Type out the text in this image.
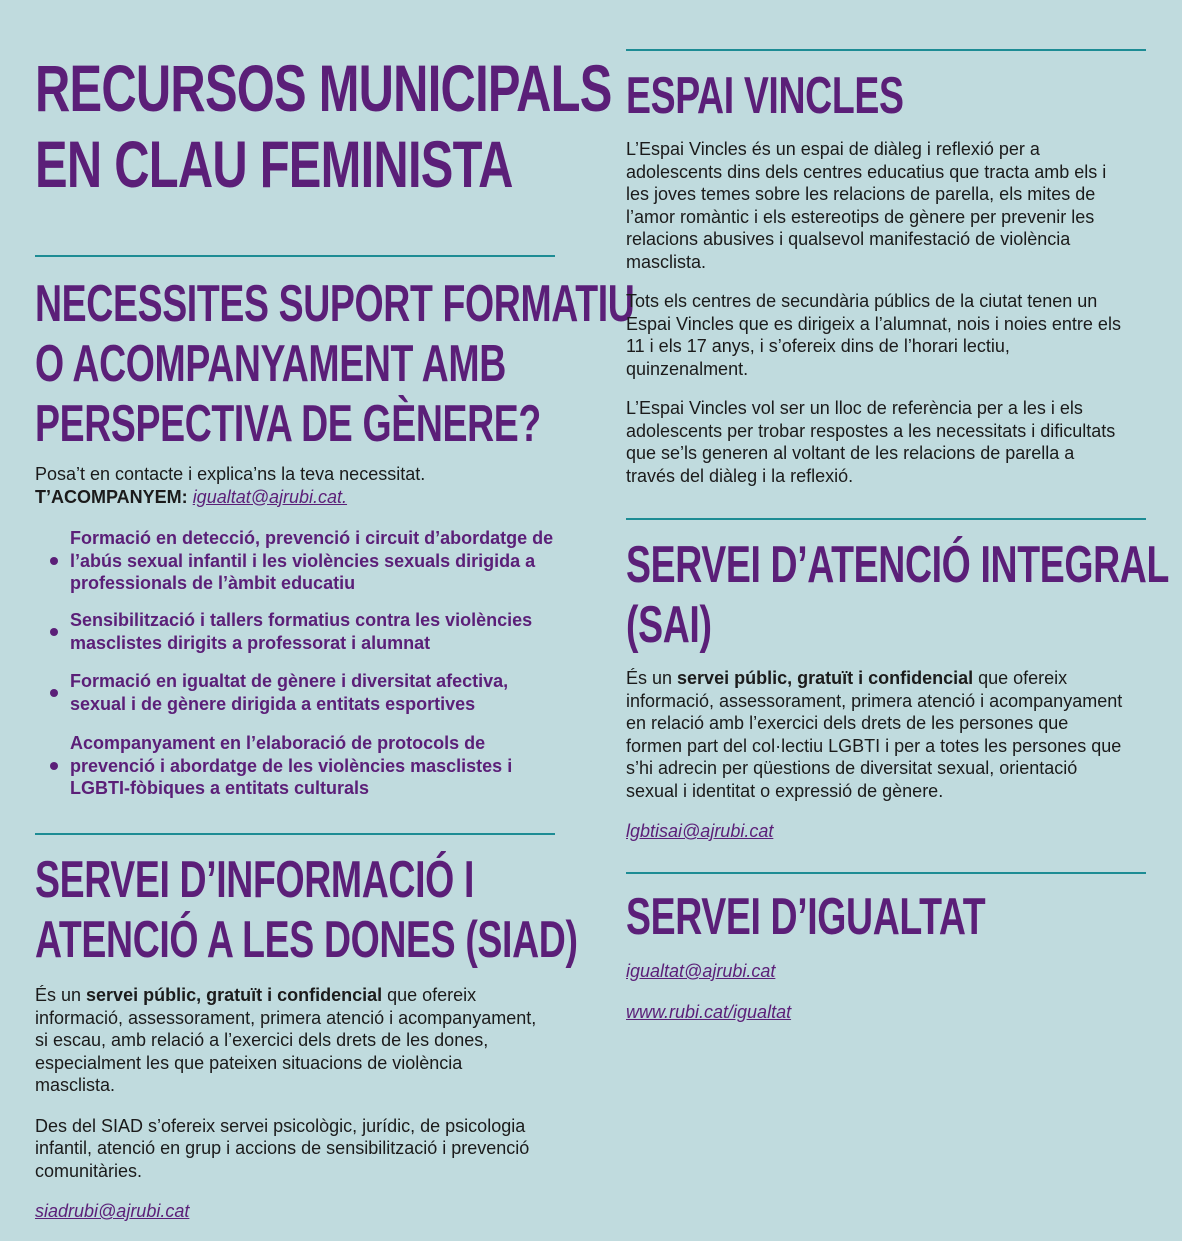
RECURSOS MUNICIPALS
EN CLAU FEMINISTA
NECESSITES SUPORT FORMATIU
O ACOMPANYAMENT AMB
PERSPECTIVA DE GÈNERE?

Posa’t en contacte i explica’ns la teva necessitat.

T’ACOMPANYEM: igualtat@ajrubi.cat.

Formació en detecció, prevenció i circuit d’abordatge de l’abús sexual infantil i les violències sexuals dirigida a professionals de l’àmbit educatiu
Sensibilització i tallers formatius contra les violències masclistes dirigits a professorat i alumnat
Formació en igualtat de gènere i diversitat afectiva, sexual i de gènere dirigida a entitats esportives
Acompanyament en l’elaboració de protocols de prevenció i abordatge de les violències masclistes i LGBTI-fòbiques a entitats culturals
SERVEI D’INFORMACIÓ I
ATENCIÓ A LES DONES (SIAD)

És un servei públic, gratuït i confidencial que ofereix informació, assessorament, primera atenció i acompanyament, si escau, amb relació a l’exercici dels drets de les dones, especialment les que pateixen situacions de violència masclista.

Des del SIAD s’ofereix servei psicològic, jurídic, de psicologia infantil, atenció en grup i accions de sensibilització i prevenció comunitàries.

siadrubi@ajrubi.cat

ESPAI VINCLES

L’Espai Vincles és un espai de diàleg i reflexió per a adolescents dins dels centres educatius que tracta amb els i les joves temes sobre les relacions de parella, els mites de l’amor romàntic i els estereotips de gènere per prevenir les relacions abusives i qualsevol manifestació de violència masclista.

Tots els centres de secundària públics de la ciutat tenen un Espai Vincles que es dirigeix a l’alumnat, nois i noies entre els 11 i els 17 anys, i s’ofereix dins de l’horari lectiu, quinzenalment.

L’Espai Vincles vol ser un lloc de referència per a les i els adolescents per trobar respostes a les necessitats i dificultats que se’ls generen al voltant de les relacions de parella a través del diàleg i la reflexió.

SERVEI D’ATENCIÓ INTEGRAL
(SAI)

És un servei públic, gratuït i confidencial que ofereix informació, assessorament, primera atenció i acompanyament en relació amb l’exercici dels drets de les persones que formen part del col·lectiu LGBTI i per a totes les persones que s’hi adrecin per qüestions de diversitat sexual, orientació sexual i identitat o expressió de gènere.

lgbtisai@ajrubi.cat

SERVEI D’IGUALTAT

igualtat@ajrubi.cat

www.rubi.cat/igualtat
